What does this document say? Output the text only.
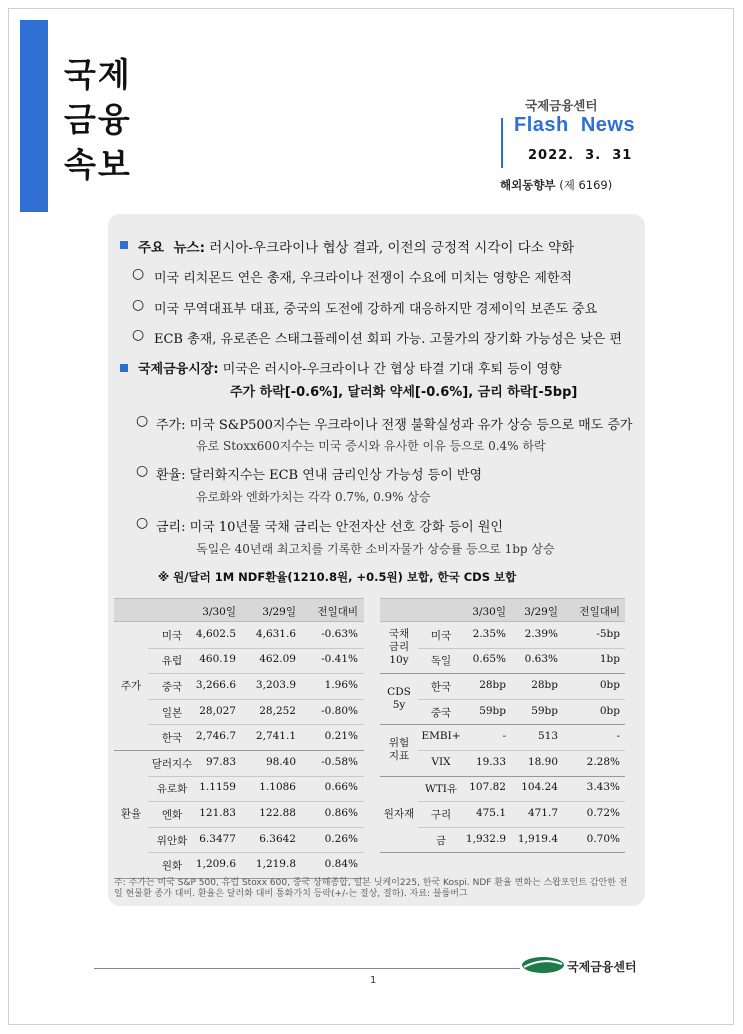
국제
금융
속보
국제금융센터
Flash  News
2022.  3.  31
해외동향부 (제 6169)
주요  뉴스: 러시아-우크라이나 협상 결과, 이전의 긍정적 시각이 다소 약화
○ 미국 리치몬드 연은 총재, 우크라이나 전쟁이 수요에 미치는 영향은 제한적
○ 미국 무역대표부 대표, 중국의 도전에 강하게 대응하지만 경제이익 보존도 중요
○ ECB 총재, 유로존은 스태그플레이션 회피 가능. 고물가의 장기화 가능성은 낮은 편
국제금융시장: 미국은 러시아-우크라이나 간 협상 타결 기대 후퇴 등이 영향
주가 하락[-0.6%], 달러화 약세[-0.6%], 금리 하락[-5bp]
○ 주가: 미국 S&P500지수는 우크라이나 전쟁 불확실성과 유가 상승 등으로 매도 증가
유로 Stoxx600지수는 미국 증시와 유사한 이유 등으로 0.4% 하락
○ 환율: 달러화지수는 ECB 연내 금리인상 가능성 등이 반영
유로화와 엔화가치는 각각 0.7%, 0.9% 상승
○ 금리: 미국 10년물 국채 금리는 안전자산 선호 강화 등이 원인
독일은 40년래 최고치를 기록한 소비자물가 상승률 등으로 1bp 상승
※ 원/달러 1M NDF환율(1210.8원, +0.5원) 보합, 한국 CDS 보합
3/30일	3/29일	전일대비
주가
미국	4,602.5	4,631.6	-0.63%
유럽	460.19	462.09	-0.41%
중국	3,266.6	3,203.9	1.96%
일본	28,027	28,252	-0.80%
한국	2,746.7	2,741.1	0.21%
환율
달러지수	97.83	98.40	-0.58%
유로화	1.1159	1.1086	0.66%
엔화	121.83	122.88	0.86%
위안화	6.3477	6.3642	0.26%
원화	1,209.6	1,219.8	0.84%
3/30일	3/29일	전일대비
국채
금리
10y
미국	2.35%	2.39%	-5bp
독일	0.65%	0.63%	1bp
CDS
5y
한국	28bp	28bp	0bp
중국	59bp	59bp	0bp
위험
지표
EMBI+	-	513	-
VIX	19.33	18.90	2.28%
원자재
WTI유	107.82	104.24	3.43%
구리	475.1	471.7	0.72%
금	1,932.9	1,919.4	0.70%
주: 주가는 미국 S&P 500, 유럽 Stoxx 600, 중국 상해종합, 일본 닛케이225, 한국 Kospi. NDF 환율 변화는 스왑포인트 감안한 전일 현물환 종가 대비. 환율은 달러화 대비 통화가치 등락(+/-는 절상, 절하). 자료: 블룸버그
1
국제금융센터
